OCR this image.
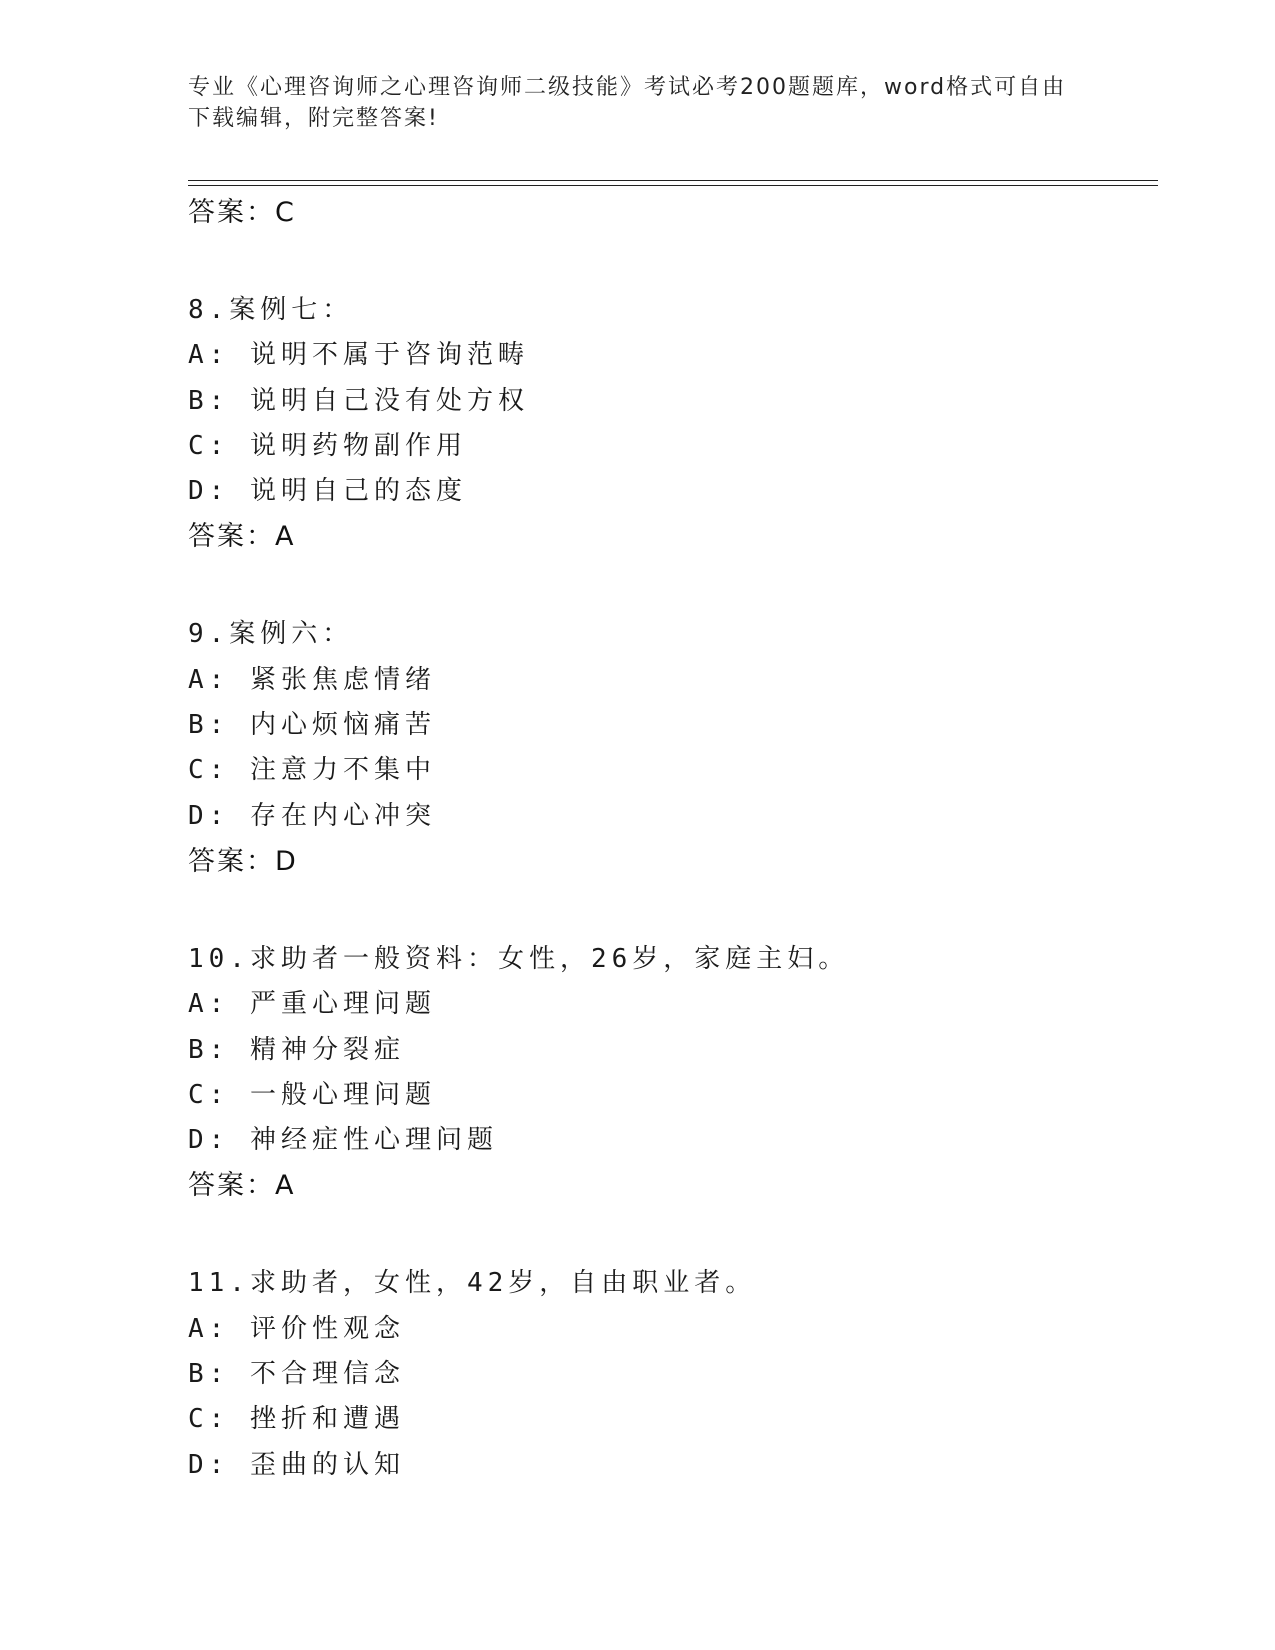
专业《心理咨询师之心理咨询师二级技能》考试必考200题题库，word格式可自由下载编辑，附完整答案!
答案：C
8.案例七：
A: 说明不属于咨询范畴
B: 说明自己没有处方权
C: 说明药物副作用
D: 说明自己的态度
答案：A
9.案例六：
A: 紧张焦虑情绪
B: 内心烦恼痛苦
C: 注意力不集中
D: 存在内心冲突
答案：D
10.求助者一般资料：女性，26岁，家庭主妇。
A: 严重心理问题
B: 精神分裂症
C: 一般心理问题
D: 神经症性心理问题
答案：A
11.求助者，女性，42岁，自由职业者。
A: 评价性观念
B: 不合理信念
C: 挫折和遭遇
D: 歪曲的认知
